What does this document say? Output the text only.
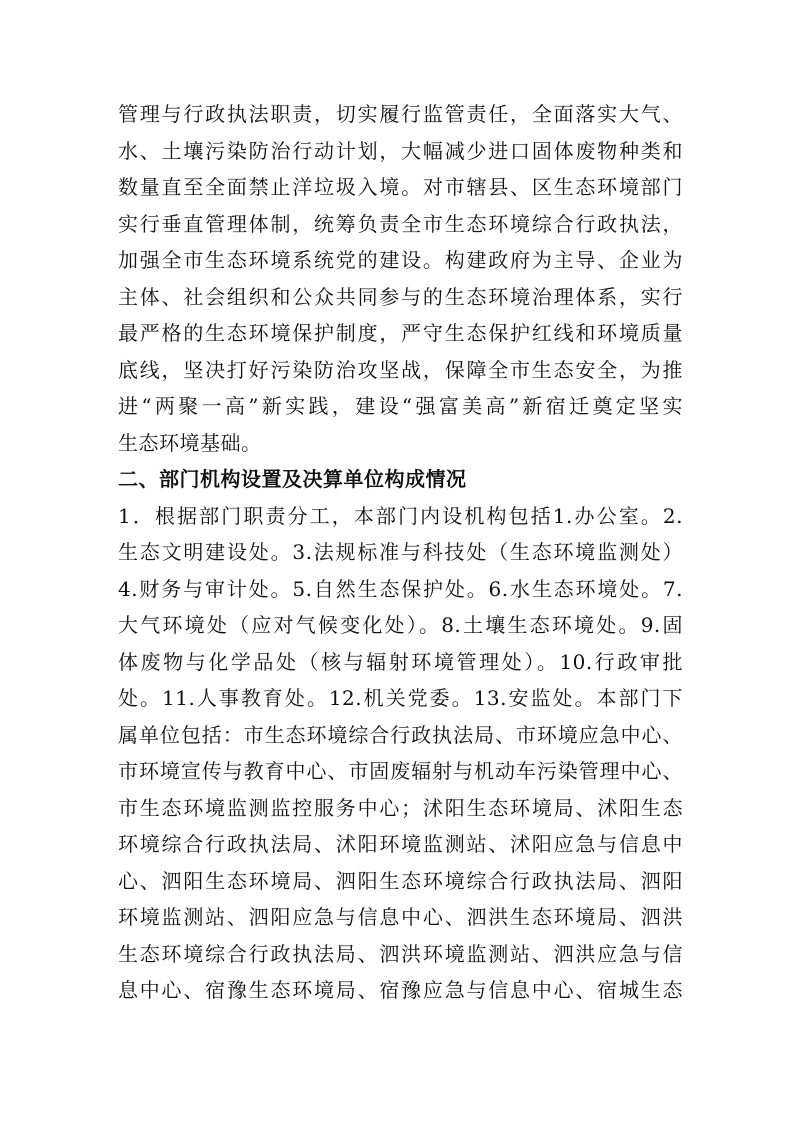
管理与行政执法职责，切实履行监管责任，全面落实大气、
水、土壤污染防治行动计划，大幅减少进口固体废物种类和
数量直至全面禁止洋垃圾入境。对市辖县、区生态环境部门
实行垂直管理体制，统筹负责全市生态环境综合行政执法，
加强全市生态环境系统党的建设。构建政府为主导、企业为
主体、社会组织和公众共同参与的生态环境治理体系，实行
最严格的生态环境保护制度，严守生态保护红线和环境质量
底线，坚决打好污染防治攻坚战，保障全市生态安全，为推
进“两聚一高”新实践，建设“强富美高”新宿迁奠定坚实
生态环境基础。
二、部门机构设置及决算单位构成情况
1．根据部门职责分工，本部门内设机构包括1.办公室。2.
生态文明建设处。3.法规标准与科技处（生态环境监测处）
4.财务与审计处。5.自然生态保护处。6.水生态环境处。7.
大气环境处（应对气候变化处）。8.土壤生态环境处。9.固
体废物与化学品处（核与辐射环境管理处）。10.行政审批
处。11.人事教育处。12.机关党委。13.安监处。本部门下
属单位包括：市生态环境综合行政执法局、市环境应急中心、
市环境宣传与教育中心、市固废辐射与机动车污染管理中心、
市生态环境监测监控服务中心；沭阳生态环境局、沭阳生态
环境综合行政执法局、沭阳环境监测站、沭阳应急与信息中
心、泗阳生态环境局、泗阳生态环境综合行政执法局、泗阳
环境监测站、泗阳应急与信息中心、泗洪生态环境局、泗洪
生态环境综合行政执法局、泗洪环境监测站、泗洪应急与信
息中心、宿豫生态环境局、宿豫应急与信息中心、宿城生态
